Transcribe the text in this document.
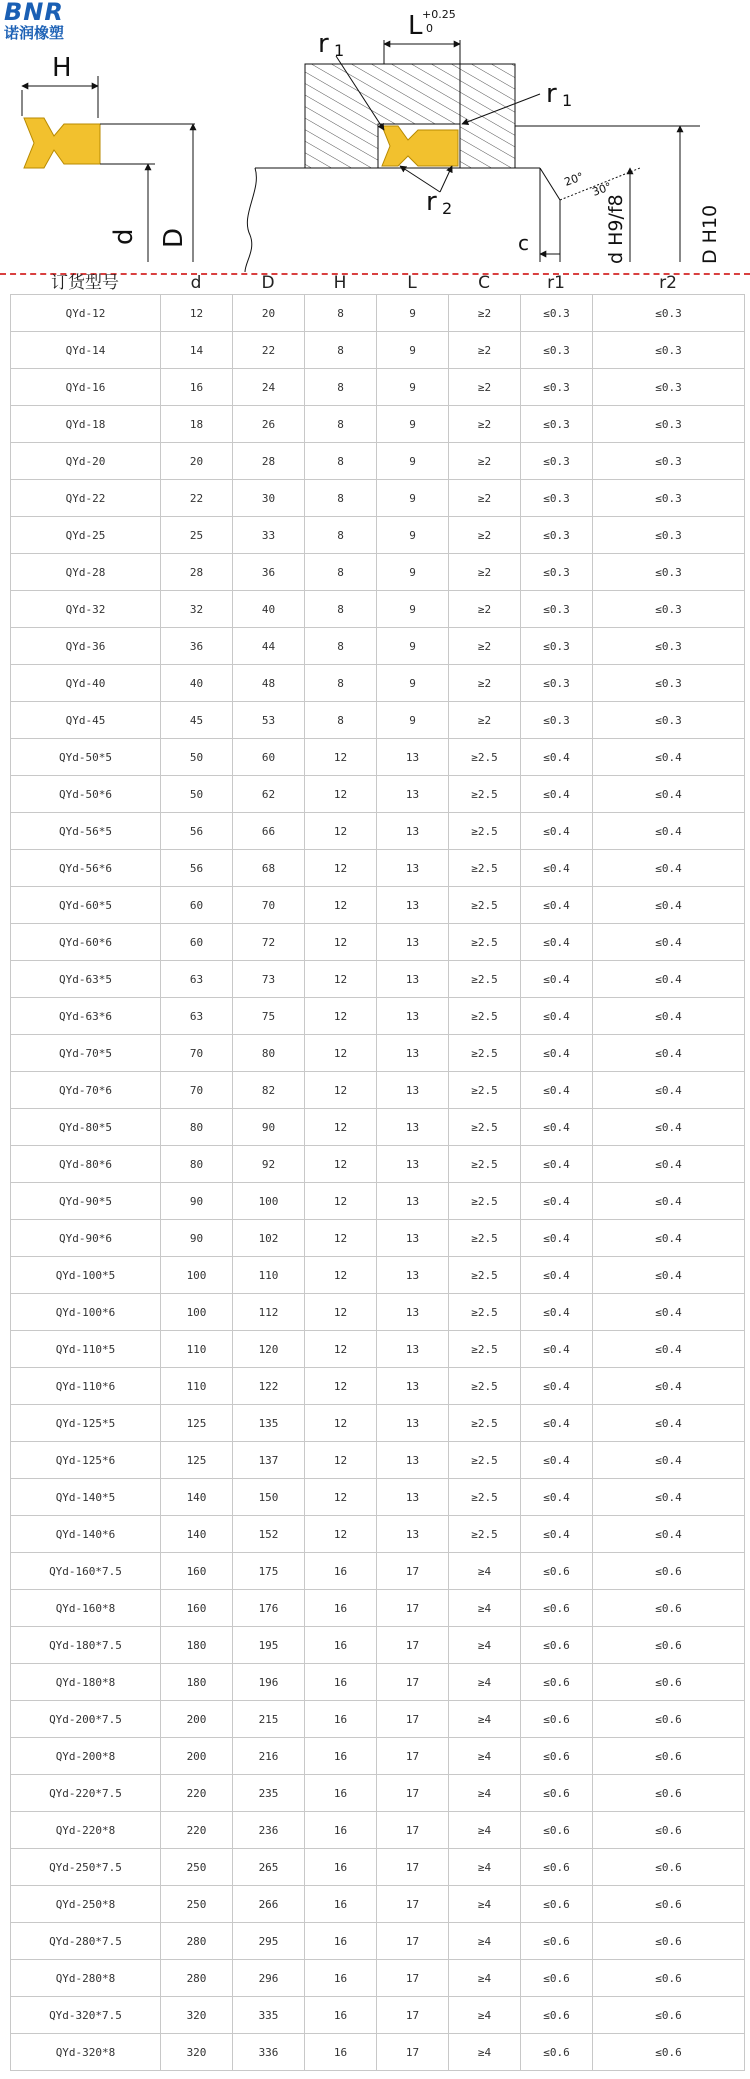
BNR
诺润橡塑
H
d D
L +0.25
0
r 1
r 1
r 2
20°
30°
c	d H9/f8	D H10
订货型号	d	D	H	L	C	r1	r2
QYd-12	12	20	8	9	≥2	≤0.3	≤0.3
QYd-14	14	22	8	9	≥2	≤0.3	≤0.3
QYd-16	16	24	8	9	≥2	≤0.3	≤0.3
QYd-18	18	26	8	9	≥2	≤0.3	≤0.3
QYd-20	20	28	8	9	≥2	≤0.3	≤0.3
QYd-22	22	30	8	9	≥2	≤0.3	≤0.3
QYd-25	25	33	8	9	≥2	≤0.3	≤0.3
QYd-28	28	36	8	9	≥2	≤0.3	≤0.3
QYd-32	32	40	8	9	≥2	≤0.3	≤0.3
QYd-36	36	44	8	9	≥2	≤0.3	≤0.3
QYd-40	40	48	8	9	≥2	≤0.3	≤0.3
QYd-45	45	53	8	9	≥2	≤0.3	≤0.3
QYd-50*5	50	60	12	13	≥2.5	≤0.4	≤0.4
QYd-50*6	50	62	12	13	≥2.5	≤0.4	≤0.4
QYd-56*5	56	66	12	13	≥2.5	≤0.4	≤0.4
QYd-56*6	56	68	12	13	≥2.5	≤0.4	≤0.4
QYd-60*5	60	70	12	13	≥2.5	≤0.4	≤0.4
QYd-60*6	60	72	12	13	≥2.5	≤0.4	≤0.4
QYd-63*5	63	73	12	13	≥2.5	≤0.4	≤0.4
QYd-63*6	63	75	12	13	≥2.5	≤0.4	≤0.4
QYd-70*5	70	80	12	13	≥2.5	≤0.4	≤0.4
QYd-70*6	70	82	12	13	≥2.5	≤0.4	≤0.4
QYd-80*5	80	90	12	13	≥2.5	≤0.4	≤0.4
QYd-80*6	80	92	12	13	≥2.5	≤0.4	≤0.4
QYd-90*5	90	100	12	13	≥2.5	≤0.4	≤0.4
QYd-90*6	90	102	12	13	≥2.5	≤0.4	≤0.4
QYd-100*5	100	110	12	13	≥2.5	≤0.4	≤0.4
QYd-100*6	100	112	12	13	≥2.5	≤0.4	≤0.4
QYd-110*5	110	120	12	13	≥2.5	≤0.4	≤0.4
QYd-110*6	110	122	12	13	≥2.5	≤0.4	≤0.4
QYd-125*5	125	135	12	13	≥2.5	≤0.4	≤0.4
QYd-125*6	125	137	12	13	≥2.5	≤0.4	≤0.4
QYd-140*5	140	150	12	13	≥2.5	≤0.4	≤0.4
QYd-140*6	140	152	12	13	≥2.5	≤0.4	≤0.4
QYd-160*7.5	160	175	16	17	≥4	≤0.6	≤0.6
QYd-160*8	160	176	16	17	≥4	≤0.6	≤0.6
QYd-180*7.5	180	195	16	17	≥4	≤0.6	≤0.6
QYd-180*8	180	196	16	17	≥4	≤0.6	≤0.6
QYd-200*7.5	200	215	16	17	≥4	≤0.6	≤0.6
QYd-200*8	200	216	16	17	≥4	≤0.6	≤0.6
QYd-220*7.5	220	235	16	17	≥4	≤0.6	≤0.6
QYd-220*8	220	236	16	17	≥4	≤0.6	≤0.6
QYd-250*7.5	250	265	16	17	≥4	≤0.6	≤0.6
QYd-250*8	250	266	16	17	≥4	≤0.6	≤0.6
QYd-280*7.5	280	295	16	17	≥4	≤0.6	≤0.6
QYd-280*8	280	296	16	17	≥4	≤0.6	≤0.6
QYd-320*7.5	320	335	16	17	≥4	≤0.6	≤0.6
QYd-320*8	320	336	16	17	≥4	≤0.6	≤0.6
